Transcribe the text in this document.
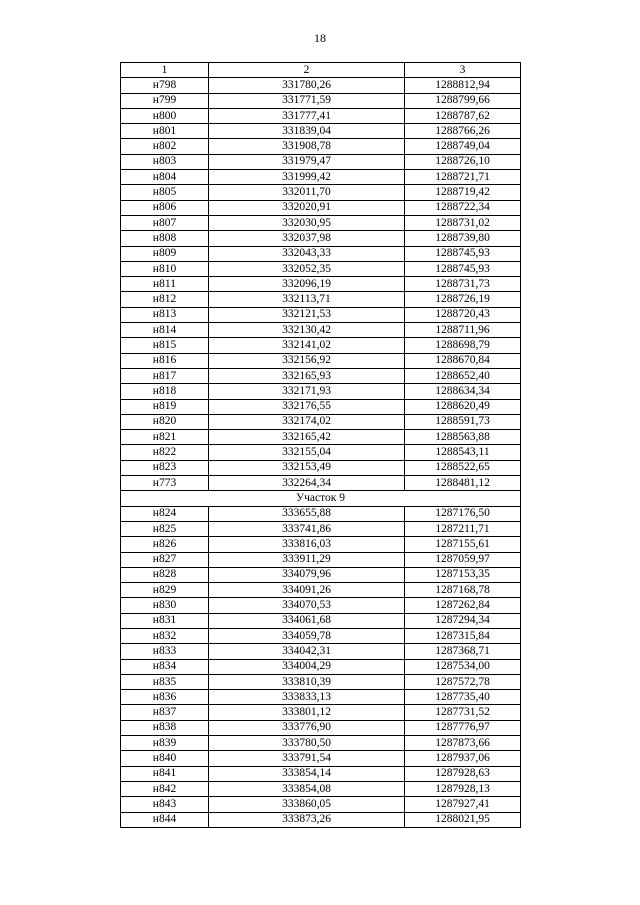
18
1	2	3
н798	331780,26	1288812,94
н799	331771,59	1288799,66
н800	331777,41	1288787,62
н801	331839,04	1288766,26
н802	331908,78	1288749,04
н803	331979,47	1288726,10
н804	331999,42	1288721,71
н805	332011,70	1288719,42
н806	332020,91	1288722,34
н807	332030,95	1288731,02
н808	332037,98	1288739,80
н809	332043,33	1288745,93
н810	332052,35	1288745,93
н811	332096,19	1288731,73
н812	332113,71	1288726,19
н813	332121,53	1288720,43
н814	332130,42	1288711,96
н815	332141,02	1288698,79
н816	332156,92	1288670,84
н817	332165,93	1288652,40
н818	332171,93	1288634,34
н819	332176,55	1288620,49
н820	332174,02	1288591,73
н821	332165,42	1288563,88
н822	332155,04	1288543,11
н823	332153,49	1288522,65
н773	332264,34	1288481,12
Участок 9		
н824	333655,88	1287176,50
н825	333741,86	1287211,71
н826	333816,03	1287155,61
н827	333911,29	1287059,97
н828	334079,96	1287153,35
н829	334091,26	1287168,78
н830	334070,53	1287262,84
н831	334061,68	1287294,34
н832	334059,78	1287315,84
н833	334042,31	1287368,71
н834	334004,29	1287534,00
н835	333810,39	1287572,78
н836	333833,13	1287735,40
н837	333801,12	1287731,52
н838	333776,90	1287776,97
н839	333780,50	1287873,66
н840	333791,54	1287937,06
н841	333854,14	1287928,63
н842	333854,08	1287928,13
н843	333860,05	1287927,41
н844	333873,26	1288021,95
